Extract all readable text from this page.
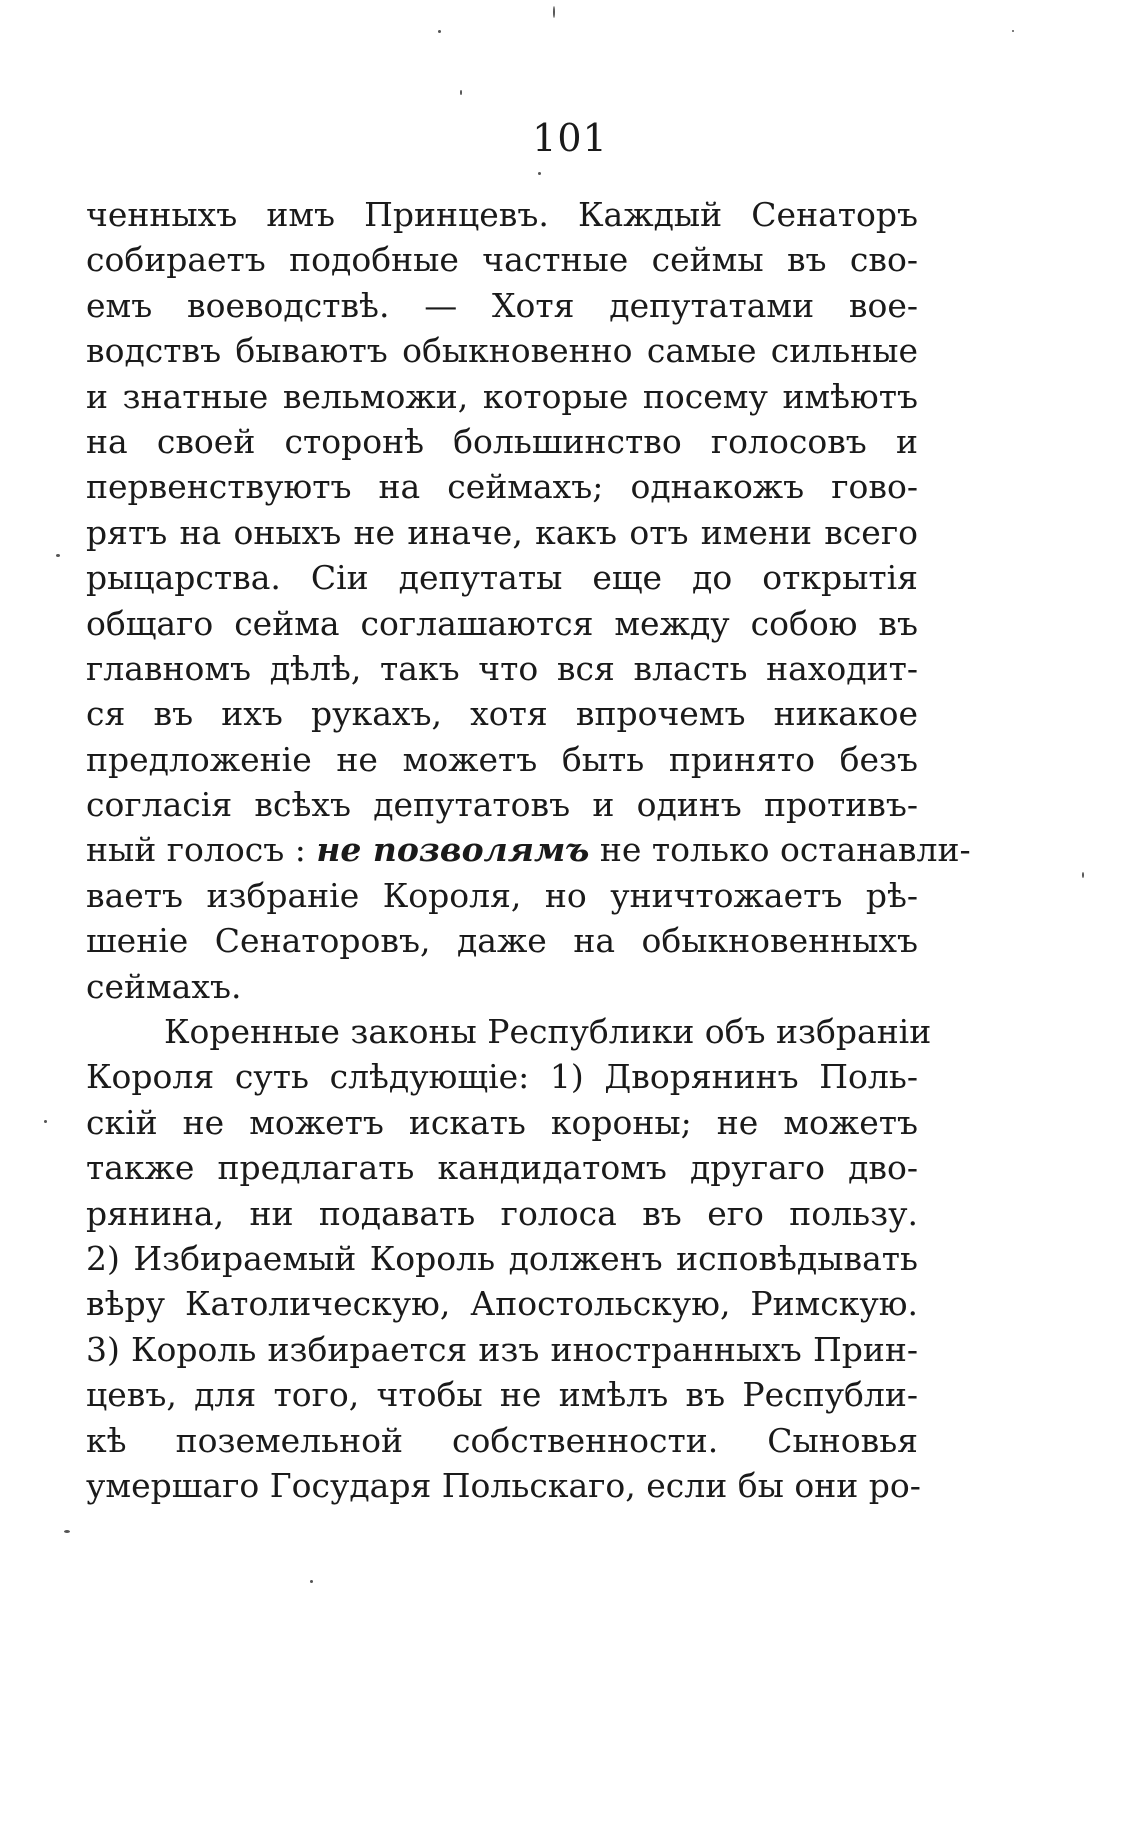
101
ченныхъ имъ Принцевъ. Каждый Сенаторъ
собираетъ подобные частные сеймы въ сво-
емъ воеводствѣ. — Хотя депутатами вое-
водствъ бываютъ обыкновенно самые сильные
и знатные вельможи, которые посему имѣютъ
на своей сторонѣ большинство голосовъ и
первенствуютъ на сеймахъ; однакожъ гово-
рятъ на оныхъ не иначе, какъ отъ имени всего
рыцарства. Сіи депутаты еще до открытія
общаго сейма соглашаются между собою въ
главномъ дѣлѣ, такъ что вся власть находит-
ся въ ихъ рукахъ, хотя впрочемъ никакое
предложеніе не можетъ быть принято безъ
согласія всѣхъ депутатовъ и одинъ противъ-
ный голосъ : не позволямъ не только останавли-
ваетъ избраніе Короля, но уничтожаетъ рѣ-
шеніе Сенаторовъ, даже на обыкновенныхъ
сеймахъ.
Коренные законы Республики объ избраніи
Короля суть слѣдующіе: 1) Дворянинъ Поль-
скій не можетъ искать короны; не можетъ
также предлагать кандидатомъ другаго дво-
рянина, ни подавать голоса въ его пользу.
2) Избираемый Король долженъ исповѣдывать
вѣру Католическую, Апостольскую, Римскую.
3) Король избирается изъ иностранныхъ Прин-
цевъ, для того, чтобы не имѣлъ въ Республи-
кѣ поземельной собственности. Сыновья
умершаго Государя Польскаго, если бы они ро-
